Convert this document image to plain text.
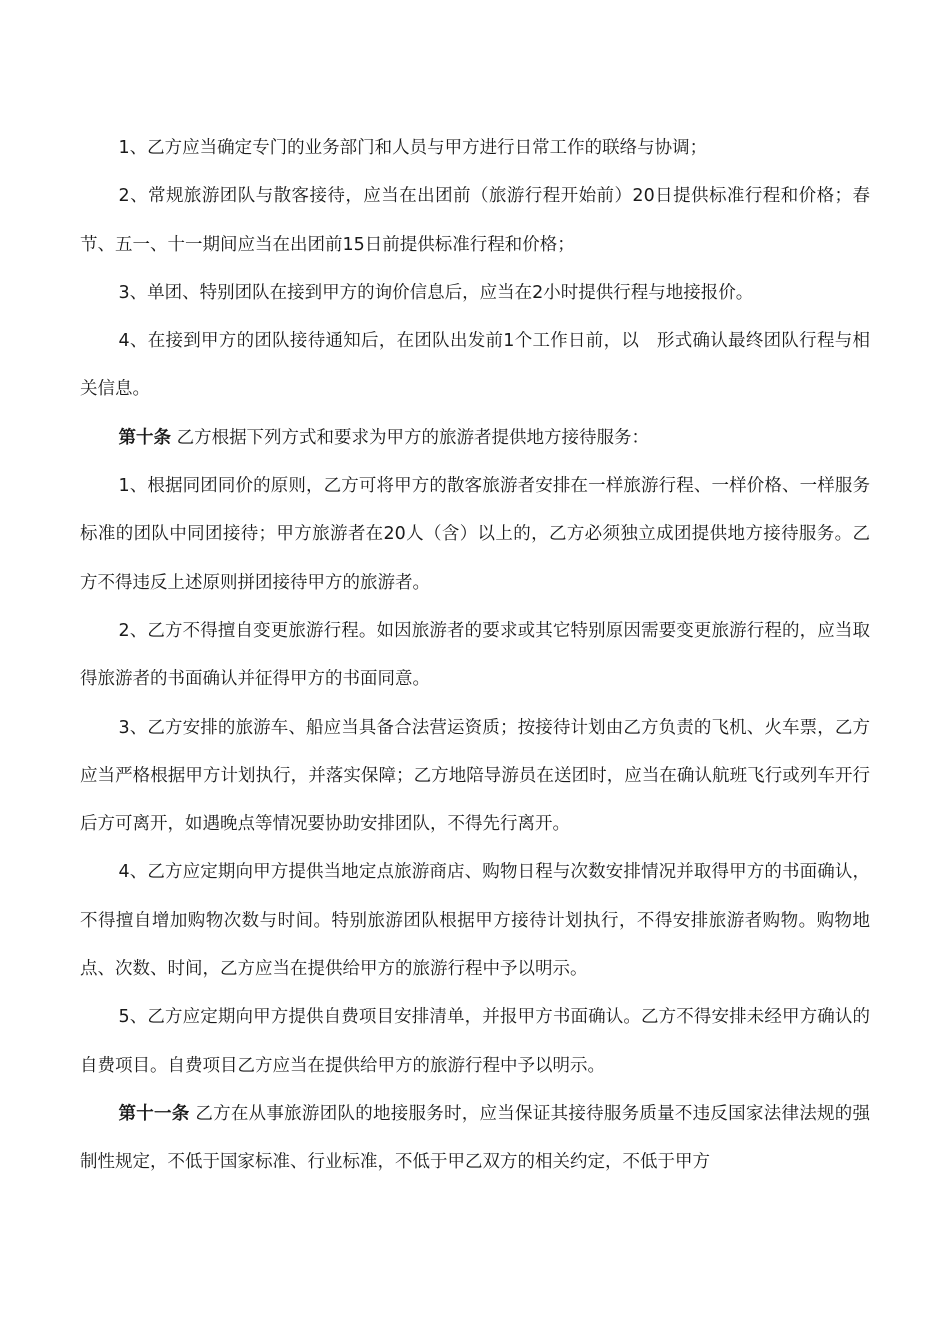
1、乙方应当确定专门的业务部门和人员与甲方进行日常工作的联络与协调；

2、常规旅游团队与散客接待，应当在出团前（旅游行程开始前）20日提供标准行程和价格；春节、五一、十一期间应当在出团前15日前提供标准行程和价格；

3、单团、特别团队在接到甲方的询价信息后，应当在2小时提供行程与地接报价。

4、在接到甲方的团队接待通知后，在团队出发前1个工作日前，以　形式确认最终团队行程与相关信息。

第十条 乙方根据下列方式和要求为甲方的旅游者提供地方接待服务：

1、根据同团同价的原则，乙方可将甲方的散客旅游者安排在一样旅游行程、一样价格、一样服务标准的团队中同团接待；甲方旅游者在20人（含）以上的，乙方必须独立成团提供地方接待服务。乙方不得违反上述原则拼团接待甲方的旅游者。

2、乙方不得擅自变更旅游行程。如因旅游者的要求或其它特别原因需要变更旅游行程的，应当取得旅游者的书面确认并征得甲方的书面同意。

3、乙方安排的旅游车、船应当具备合法营运资质；按接待计划由乙方负责的飞机、火车票，乙方应当严格根据甲方计划执行，并落实保障；乙方地陪导游员在送团时，应当在确认航班飞行或列车开行后方可离开，如遇晚点等情况要协助安排团队，不得先行离开。

4、乙方应定期向甲方提供当地定点旅游商店、购物日程与次数安排情况并取得甲方的书面确认，不得擅自增加购物次数与时间。特别旅游团队根据甲方接待计划执行，不得安排旅游者购物。购物地点、次数、时间，乙方应当在提供给甲方的旅游行程中予以明示。

5、乙方应定期向甲方提供自费项目安排清单，并报甲方书面确认。乙方不得安排未经甲方确认的自费项目。自费项目乙方应当在提供给甲方的旅游行程中予以明示。

第十一条 乙方在从事旅游团队的地接服务时，应当保证其接待服务质量不违反国家法律法规的强制性规定，不低于国家标准、行业标准，不低于甲乙双方的相关约定，不低于甲方
